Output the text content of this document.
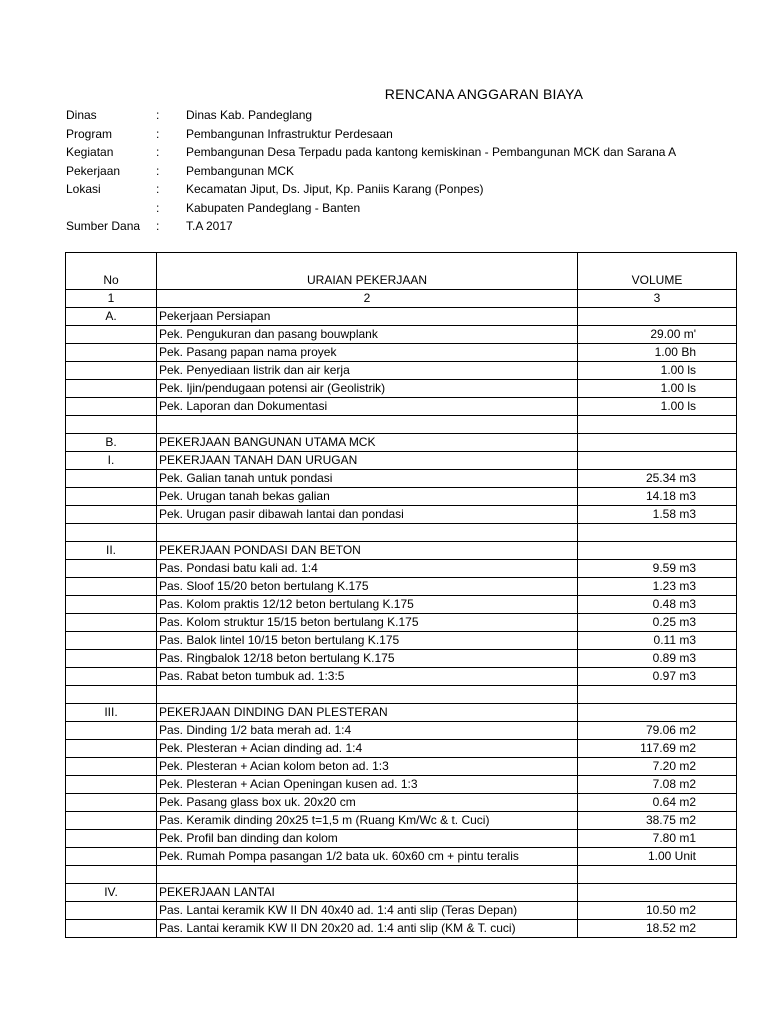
RENCANA ANGGARAN BIAYA
Dinas	:	Dinas Kab. Pandeglang
Program	:	Pembangunan Infrastruktur Perdesaan
Kegiatan	:	Pembangunan Desa Terpadu pada kantong kemiskinan - Pembangunan MCK dan Sarana A
Pekerjaan	:	Pembangunan MCK
Lokasi	:	Kecamatan Jiput, Ds. Jiput, Kp. Paniis Karang (Ponpes)
:	Kabupaten Pandeglang - Banten
Sumber Dana	:	T.A 2017
No	URAIAN PEKERJAAN	VOLUME
1	2	3
A.	Pekerjaan Persiapan	
	Pek. Pengukuran dan pasang bouwplank	29.00 m'
	Pek. Pasang papan nama proyek	1.00 Bh
	Pek. Penyediaan listrik dan air kerja	1.00 ls
	Pek. Ijin/pendugaan potensi air (Geolistrik)	1.00 ls
	Pek. Laporan dan Dokumentasi	1.00 ls

B.	PEKERJAAN BANGUNAN UTAMA MCK	
I.	PEKERJAAN TANAH DAN URUGAN	
	Pek. Galian tanah untuk pondasi	25.34 m3
	Pek. Urugan tanah bekas galian	14.18 m3
	Pek. Urugan pasir dibawah lantai dan pondasi	1.58 m3

II.	PEKERJAAN PONDASI DAN BETON	
	Pas. Pondasi batu kali ad. 1:4	9.59 m3
	Pas. Sloof 15/20 beton bertulang K.175	1.23 m3
	Pas. Kolom praktis 12/12 beton bertulang K.175	0.48 m3
	Pas. Kolom struktur 15/15 beton bertulang K.175	0.25 m3
	Pas. Balok lintel 10/15 beton bertulang K.175	0.11 m3
	Pas. Ringbalok 12/18 beton bertulang K.175	0.89 m3
	Pas. Rabat beton tumbuk ad. 1:3:5	0.97 m3

III.	PEKERJAAN DINDING DAN PLESTERAN	
	Pas. Dinding 1/2 bata merah ad. 1:4	79.06 m2
	Pek. Plesteran + Acian dinding ad. 1:4	117.69 m2
	Pek. Plesteran + Acian kolom beton ad. 1:3	7.20 m2
	Pek. Plesteran + Acian Openingan kusen ad. 1:3	7.08 m2
	Pek. Pasang glass box uk. 20x20 cm	0.64 m2
	Pas. Keramik dinding 20x25 t=1,5 m (Ruang Km/Wc & t. Cuci)	38.75 m2
	Pek. Profil ban dinding dan kolom	7.80 m1
	Pek. Rumah Pompa pasangan 1/2 bata uk. 60x60 cm + pintu teralis	1.00 Unit

IV.	PEKERJAAN LANTAI	
	Pas. Lantai keramik KW II DN 40x40 ad. 1:4 anti slip (Teras Depan)	10.50 m2
	Pas. Lantai keramik KW II DN 20x20 ad. 1:4 anti slip (KM & T. cuci)	18.52 m2
